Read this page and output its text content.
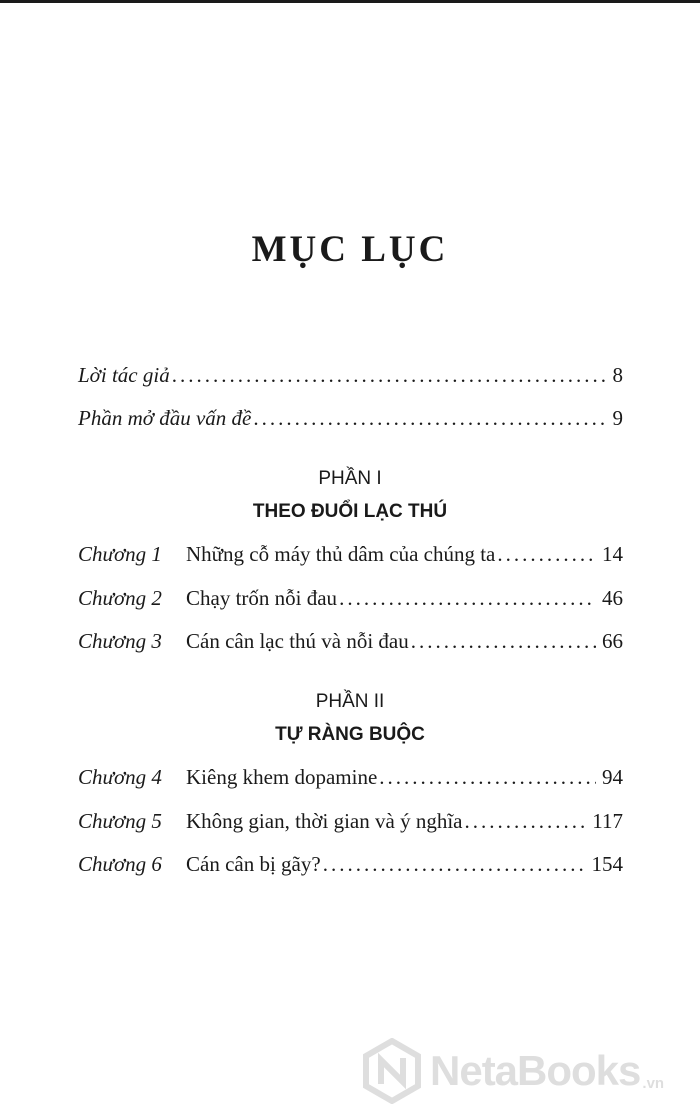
MỤC LỤC
Lời tác giả .....	8
Phần mở đầu vấn đề .....	9
PHẦN I
THEO ĐUỔI LẠC THÚ
Chương 1	Những cỗ máy thủ dâm của chúng ta .....	14
Chương 2	Chạy trốn nỗi đau .....	46
Chương 3	Cán cân lạc thú và nỗi đau .....	66
PHẦN II
TỰ RÀNG BUỘC
Chương 4	Kiêng khem dopamine .....	94
Chương 5	Không gian, thời gian và ý nghĩa .....	117
Chương 6	Cán cân bị gãy? .....	154
NetaBooks .vn
